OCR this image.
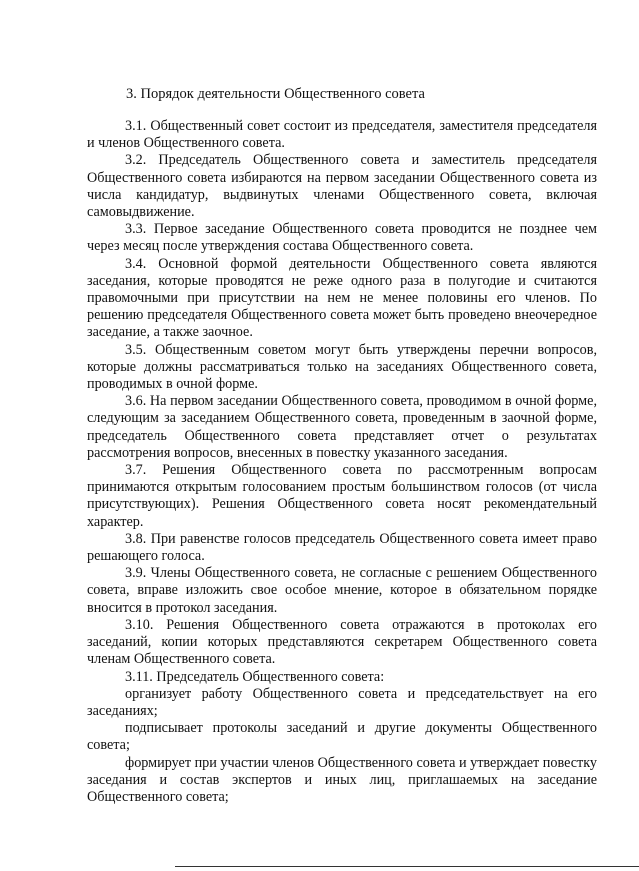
3. Порядок деятельности Общественного совета

3.1. Общественный совет состоит из председателя, заместителя председателя и членов Общественного совета.

3.2. Председатель Общественного совета и заместитель председателя Общественного совета избираются на первом заседании Общественного совета из числа кандидатур, выдвинутых членами Общественного совета, включая самовыдвижение.

3.3. Первое заседание Общественного совета проводится не позднее чем через месяц после утверждения состава Общественного совета.

3.4. Основной формой деятельности Общественного совета являются заседания, которые проводятся не реже одного раза в полугодие и считаются правомочными при присутствии на нем не менее половины его членов. По решению председателя Общественного совета может быть проведено внеочередное заседание, а также заочное.

3.5. Общественным советом могут быть утверждены перечни вопросов, которые должны рассматриваться только на заседаниях Общественного совета, проводимых в очной форме.

3.6. На первом заседании Общественного совета, проводимом в очной форме, следующим за заседанием Общественного совета, проведенным в заочной форме, председатель Общественного совета представляет отчет о результатах рассмотрения вопросов, внесенных в повестку указанного заседания.

3.7. Решения Общественного совета по рассмотренным вопросам принимаются открытым голосованием простым большинством голосов (от числа присутствующих). Решения Общественного совета носят рекомендательный характер.

3.8. При равенстве голосов председатель Общественного совета имеет право решающего голоса.

3.9. Члены Общественного совета, не согласные с решением Общественного совета, вправе изложить свое особое мнение, которое в обязательном порядке вносится в протокол заседания.

3.10. Решения Общественного совета отражаются в протоколах его заседаний, копии которых представляются секретарем Общественного совета членам Общественного совета.

3.11. Председатель Общественного совета:

организует работу Общественного совета и председательствует на его заседаниях;

подписывает протоколы заседаний и другие документы Общественного совета;

формирует при участии членов Общественного совета и утверждает повестку заседания и состав экспертов и иных лиц, приглашаемых на заседание Общественного совета;
